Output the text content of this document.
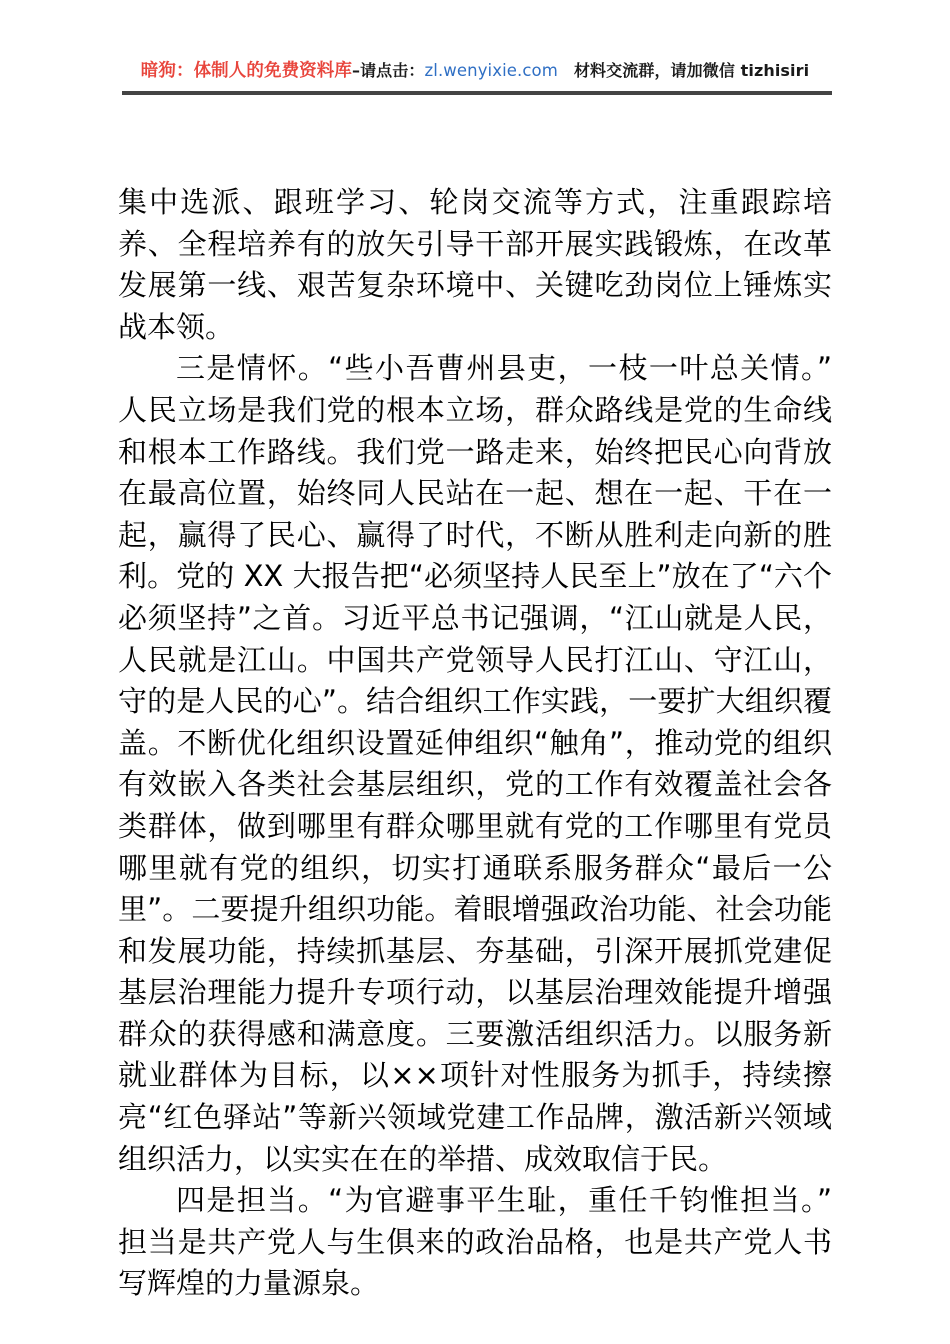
暗狗：体制人的免费资料库–请点击：zl.wenyixie.com 材料交流群，请加微信 tizhisiri

集中选派、跟班学习、轮岗交流等方式，注重跟踪培养、全程培养有的放矢引导干部开展实践锻炼，在改革发展第一线、艰苦复杂环境中、关键吃劲岗位上锤炼实战本领。

三是情怀。“些小吾曹州县吏，一枝一叶总关情。” 人民立场是我们党的根本立场，群众路线是党的生命线和根本工作路线。我们党一路走来，始终把民心向背放在最高位置，始终同人民站在一起、想在一起、干在一起，赢得了民心、赢得了时代，不断从胜利走向新的胜利。党的 XX 大报告把“必须坚持人民至上”放在了“六个必须坚持”之首。习近平总书记强调，“江山就是人民，人民就是江山。中国共产党领导人民打江山、守江山，守的是人民的心”。结合组织工作实践，一要扩大组织覆盖。不断优化组织设置延伸组织“触角”，推动党的组织有效嵌入各类社会基层组织，党的工作有效覆盖社会各类群体，做到哪里有群众哪里就有党的工作哪里有党员哪里就有党的组织，切实打通联系服务群众“最后一公里”。二要提升组织功能。着眼增强政治功能、社会功能和发展功能，持续抓基层、夯基础，引深开展抓党建促基层治理能力提升专项行动，以基层治理效能提升增强群众的获得感和满意度。三要激活组织活力。以服务新就业群体为目标，以××项针对性服务为抓手，持续擦亮“红色驿站”等新兴领域党建工作品牌，激活新兴领域组织活力，以实实在在的举措、成效取信于民。

四是担当。“为官避事平生耻，重任千钧惟担当。” 担当是共产党人与生俱来的政治品格，也是共产党人书写辉煌的力量源泉。
